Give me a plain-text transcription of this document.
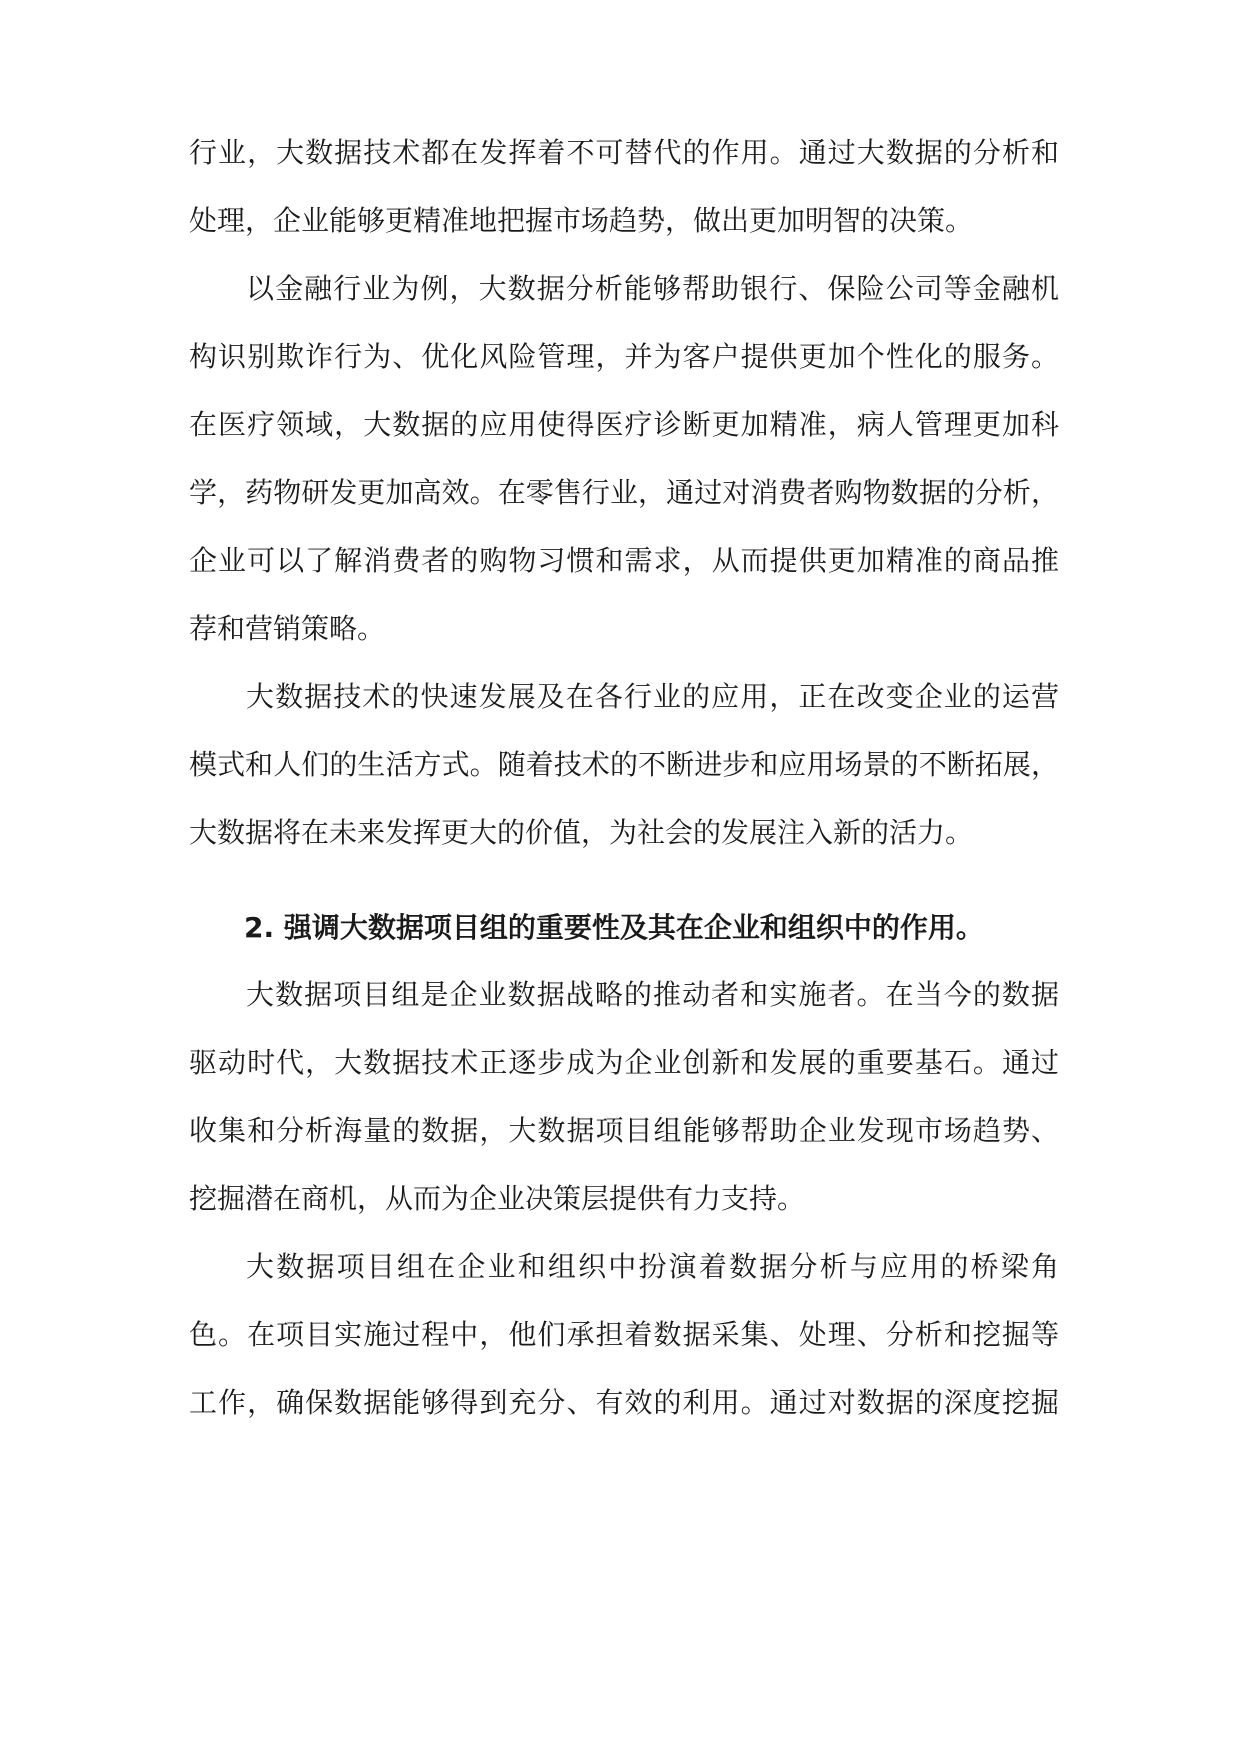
行业，大数据技术都在发挥着不可替代的作用。通过大数据的分析和
处理，企业能够更精准地把握市场趋势，做出更加明智的决策。
以金融行业为例，大数据分析能够帮助银行、保险公司等金融机
构识别欺诈行为、优化风险管理，并为客户提供更加个性化的服务。
在医疗领域，大数据的应用使得医疗诊断更加精准，病人管理更加科
学，药物研发更加高效。在零售行业，通过对消费者购物数据的分析，
企业可以了解消费者的购物习惯和需求，从而提供更加精准的商品推
荐和营销策略。
大数据技术的快速发展及在各行业的应用，正在改变企业的运营
模式和人们的生活方式。随着技术的不断进步和应用场景的不断拓展，
大数据将在未来发挥更大的价值，为社会的发展注入新的活力。
2. 强调大数据项目组的重要性及其在企业和组织中的作用。
大数据项目组是企业数据战略的推动者和实施者。在当今的数据
驱动时代，大数据技术正逐步成为企业创新和发展的重要基石。通过
收集和分析海量的数据，大数据项目组能够帮助企业发现市场趋势、
挖掘潜在商机，从而为企业决策层提供有力支持。
大数据项目组在企业和组织中扮演着数据分析与应用的桥梁角
色。在项目实施过程中，他们承担着数据采集、处理、分析和挖掘等
工作，确保数据能够得到充分、有效的利用。通过对数据的深度挖掘
